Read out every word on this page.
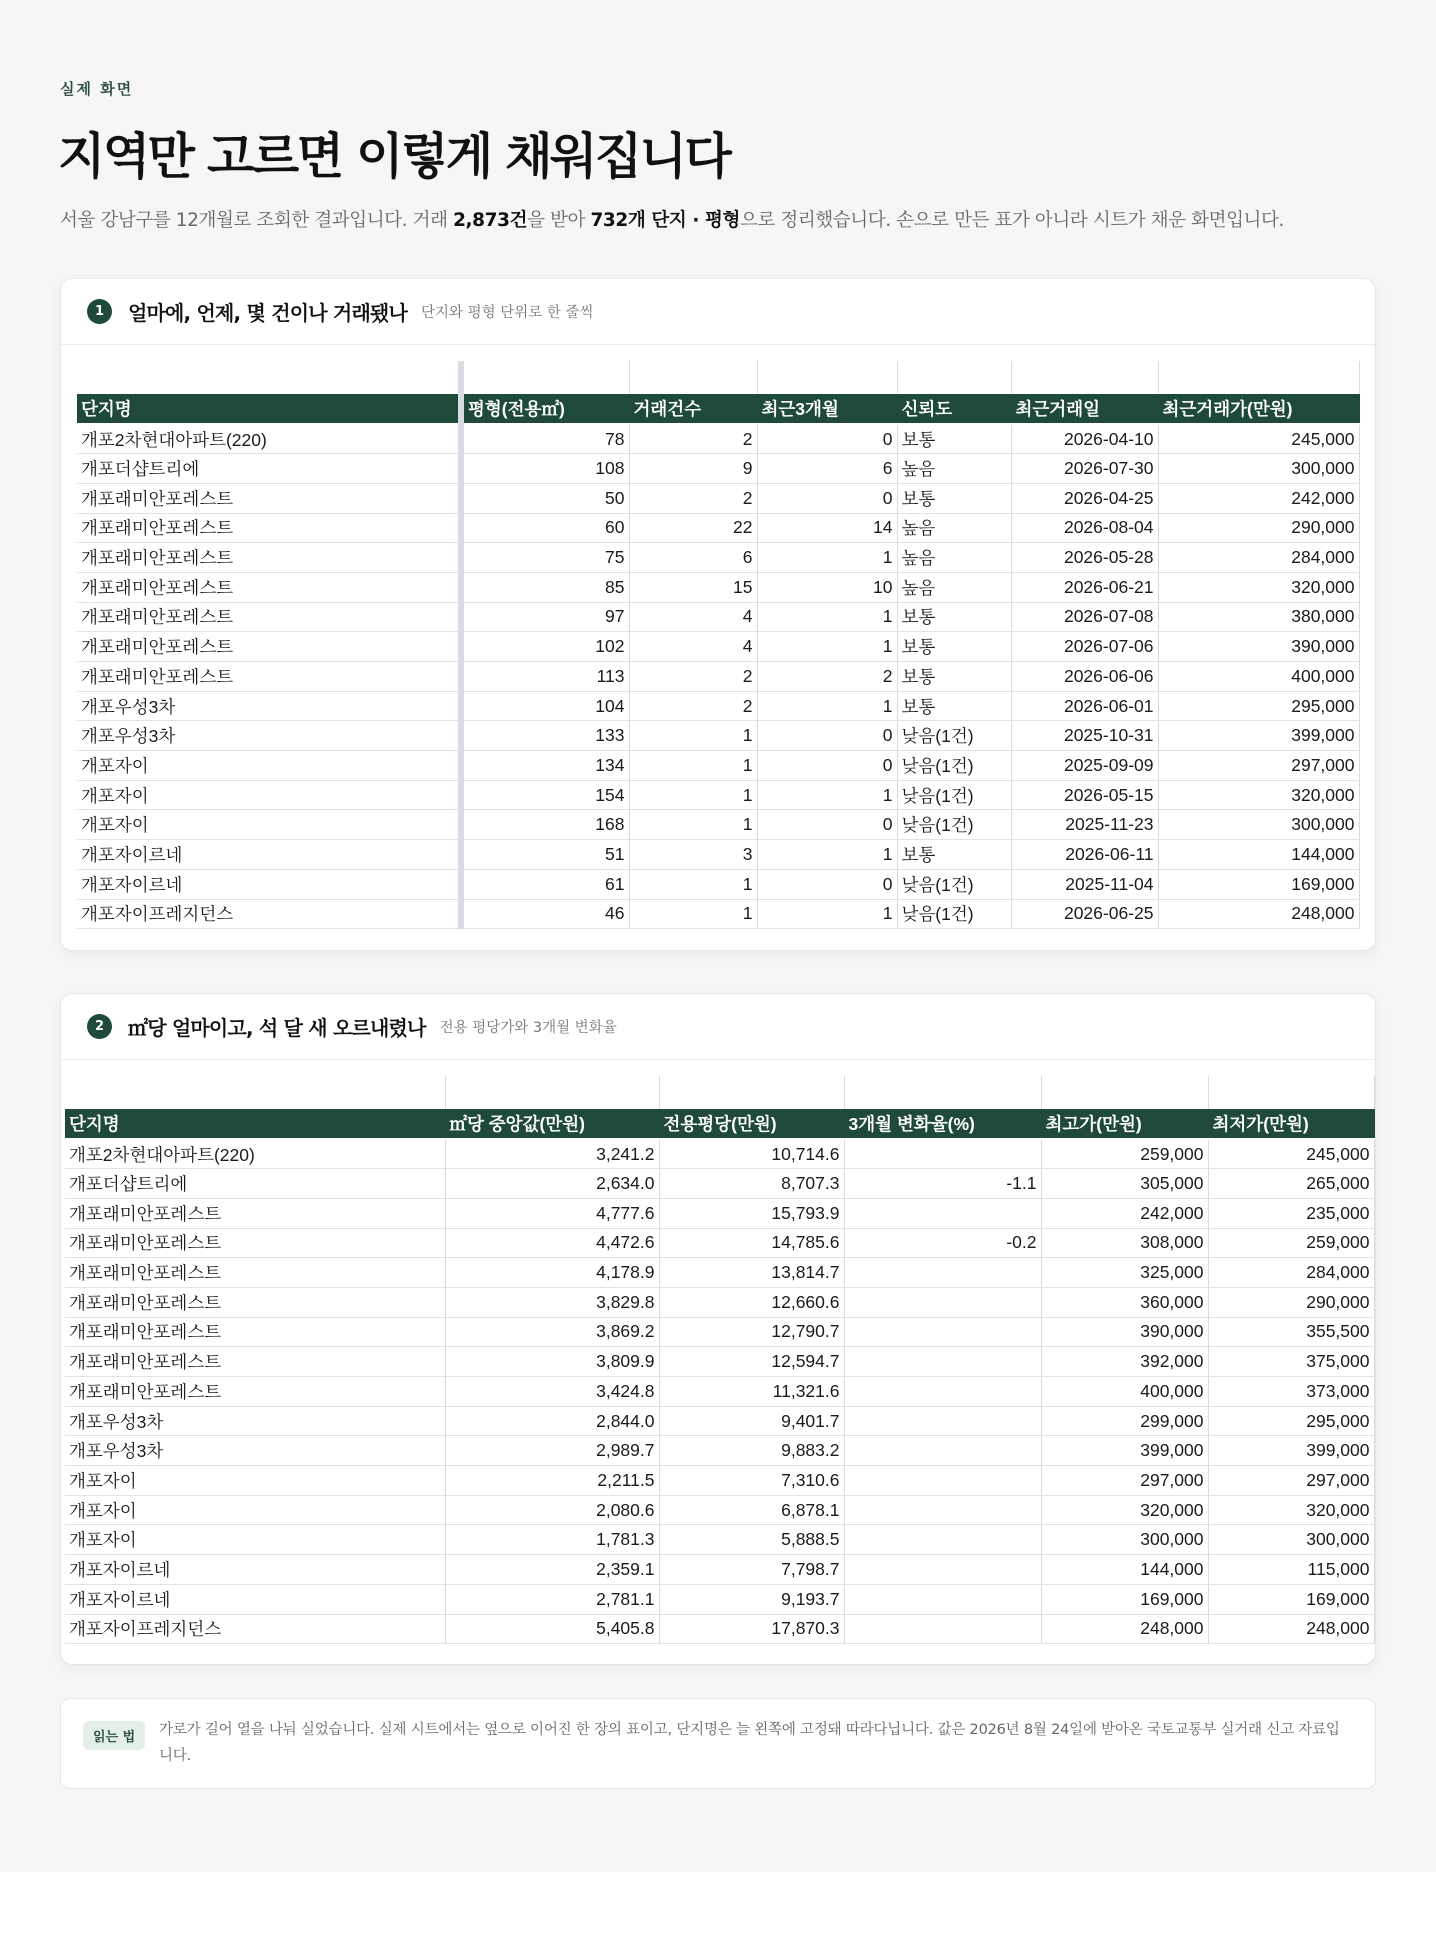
실제 화면
지역만 고르면 이렇게 채워집니다
서울 강남구를 12개월로 조회한 결과입니다. 거래 2,873건을 받아 732개 단지 · 평형으로 정리했습니다. 손으로 만든 표가 아니라 시트가 채운 화면입니다.
1	얼마에, 언제, 몇 건이나 거래됐나 단지와 평형 단위로 한 줄씩

단지명	평형(전용㎡)	거래건수	최근3개월	신뢰도	최근거래일	최근거래가(만원)
개포2차현대아파트(220)	78	2	0	보통	2026-04-10	245,000
개포더샵트리에	108	9	6	높음	2026-07-30	300,000
개포래미안포레스트	50	2	0	보통	2026-04-25	242,000
개포래미안포레스트	60	22	14	높음	2026-08-04	290,000
개포래미안포레스트	75	6	1	높음	2026-05-28	284,000
개포래미안포레스트	85	15	10	높음	2026-06-21	320,000
개포래미안포레스트	97	4	1	보통	2026-07-08	380,000
개포래미안포레스트	102	4	1	보통	2026-07-06	390,000
개포래미안포레스트	113	2	2	보통	2026-06-06	400,000
개포우성3차	104	2	1	보통	2026-06-01	295,000
개포우성3차	133	1	0	낮음(1건)	2025-10-31	399,000
개포자이	134	1	0	낮음(1건)	2025-09-09	297,000
개포자이	154	1	1	낮음(1건)	2026-05-15	320,000
개포자이	168	1	0	낮음(1건)	2025-11-23	300,000
개포자이르네	51	3	1	보통	2026-06-11	144,000
개포자이르네	61	1	0	낮음(1건)	2025-11-04	169,000
개포자이프레지던스	46	1	1	낮음(1건)	2026-06-25	248,000
2	㎡당 얼마이고, 석 달 새 오르내렸나 전용 평당가와 3개월 변화율

단지명	㎡당 중앙값(만원)	전용평당(만원)	3개월 변화율(%)	최고가(만원)	최저가(만원)
개포2차현대아파트(220)	3,241.2	10,714.6		259,000	245,000
개포더샵트리에	2,634.0	8,707.3	-1.1	305,000	265,000
개포래미안포레스트	4,777.6	15,793.9		242,000	235,000
개포래미안포레스트	4,472.6	14,785.6	-0.2	308,000	259,000
개포래미안포레스트	4,178.9	13,814.7		325,000	284,000
개포래미안포레스트	3,829.8	12,660.6		360,000	290,000
개포래미안포레스트	3,869.2	12,790.7		390,000	355,500
개포래미안포레스트	3,809.9	12,594.7		392,000	375,000
개포래미안포레스트	3,424.8	11,321.6		400,000	373,000
개포우성3차	2,844.0	9,401.7		299,000	295,000
개포우성3차	2,989.7	9,883.2		399,000	399,000
개포자이	2,211.5	7,310.6		297,000	297,000
개포자이	2,080.6	6,878.1		320,000	320,000
개포자이	1,781.3	5,888.5		300,000	300,000
개포자이르네	2,359.1	7,798.7		144,000	115,000
개포자이르네	2,781.1	9,193.7		169,000	169,000
개포자이프레지던스	5,405.8	17,870.3		248,000	248,000
읽는 법	가로가 길어 열을 나눠 실었습니다. 실제 시트에서는 옆으로 이어진 한 장의 표이고, 단지명은 늘 왼쪽에 고정돼 따라다닙니다. 값은 2026년 8월 24일에 받아온 국토교통부 실거래 신고 자료입니다.
